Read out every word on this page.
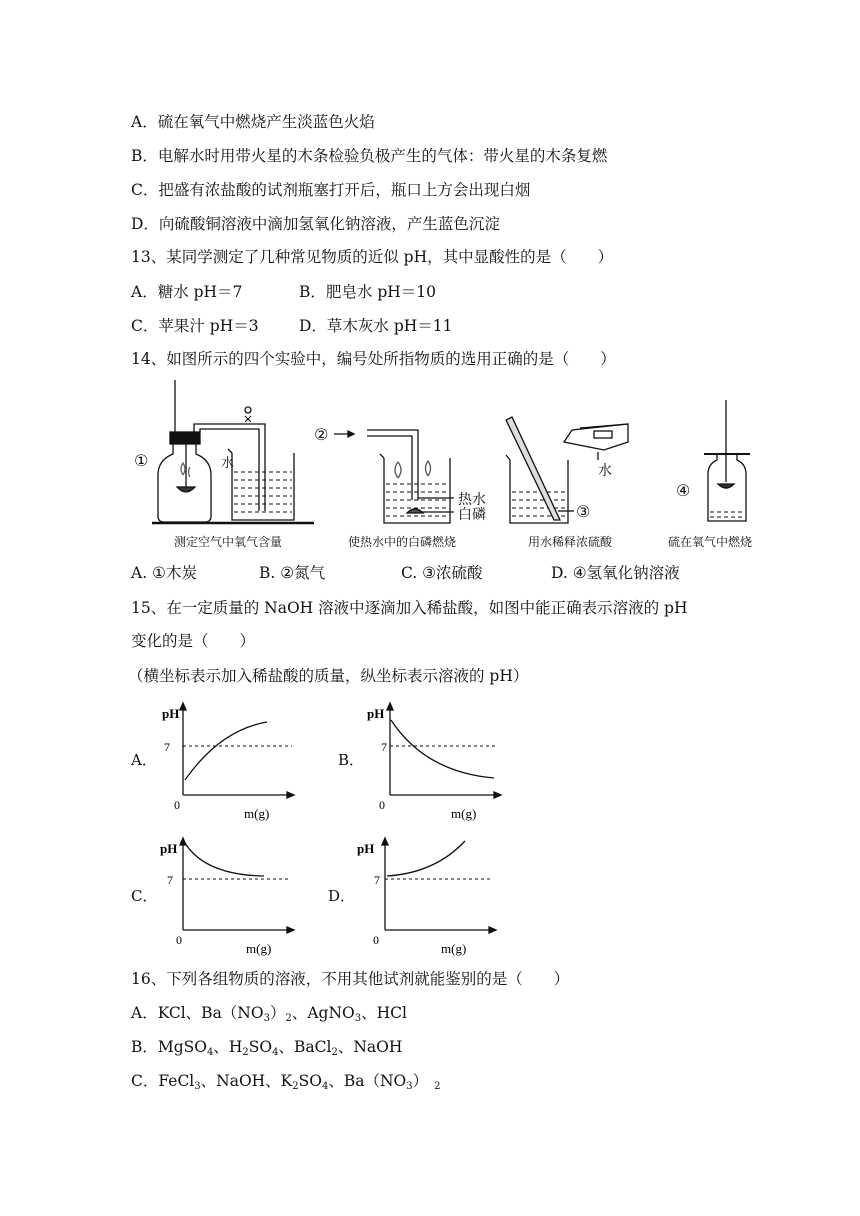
A．硫在氧气中燃烧产生淡蓝色火焰
B．电解水时用带火星的木条检验负极产生的气体：带火星的木条复燃
C．把盛有浓盐酸的试剂瓶塞打开后，瓶口上方会出现白烟
D．向硫酸铜溶液中滴加氢氧化钠溶液，产生蓝色沉淀
13、某同学测定了几种常见物质的近似 pH，其中显酸性的是（　　）
A．糖水 pH＝7	B．肥皂水 pH＝10
C．苹果汁 pH＝3	D．草木灰水 pH＝11
14、如图所示的四个实验中，编号处所指物质的选用正确的是（　　）
①	水
②
热水
白磷
水
③
④
测定空气中氧气含量	使热水中的白磷燃烧	用水稀释浓硫酸	硫在氧气中燃烧
A. ①木炭	B. ②氮气	C. ③浓硫酸	D. ④氢氧化钠溶液
15、在一定质量的 NaOH 溶液中逐滴加入稀盐酸，如图中能正确表示溶液的 pH
变化的是（　　）
（横坐标表示加入稀盐酸的质量，纵坐标表示溶液的 pH）
A．
pH
7
0
m(g)
B．
pH
7
0
m(g)
C．
pH
7
0
m(g)
D．
pH
7
0
m(g)
16、下列各组物质的溶液，不用其他试剂就能鉴别的是（　　）
A．KCl、$Ba(NO_3)_2$、AgNO$_3$、HCl
B．MgSO$_4$、$H_2SO_4$、BaCl$_2$、NaOH
C．FeCl$_3$、NaOH、$K_2SO_4$、$Ba(NO_3)$ $_2$
